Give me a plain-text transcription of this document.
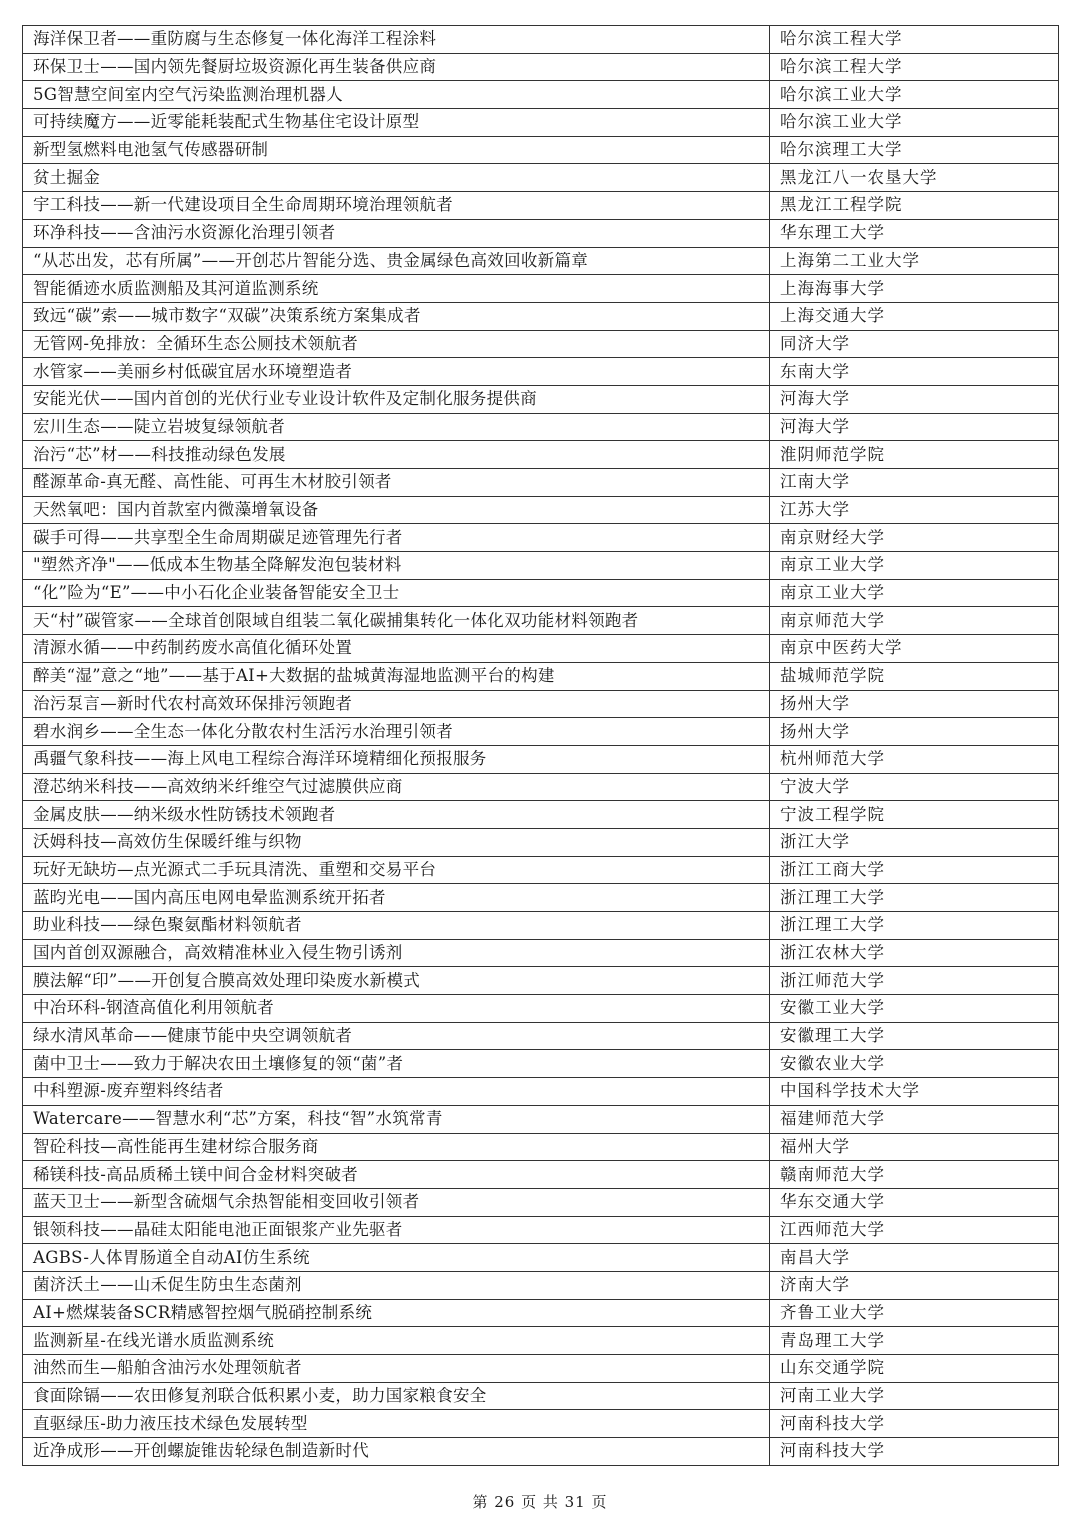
海洋保卫者——重防腐与生态修复一体化海洋工程涂料	哈尔滨工程大学
环保卫士——国内领先餐厨垃圾资源化再生装备供应商	哈尔滨工程大学
5G智慧空间室内空气污染监测治理机器人	哈尔滨工业大学
可持续魔方——近零能耗装配式生物基住宅设计原型	哈尔滨工业大学
新型氢燃料电池氢气传感器研制	哈尔滨理工大学
贫土掘金	黑龙江八一农垦大学
宇工科技——新一代建设项目全生命周期环境治理领航者	黑龙江工程学院
环净科技——含油污水资源化治理引领者	华东理工大学
“从芯出发，芯有所属”——开创芯片智能分选、贵金属绿色高效回收新篇章	上海第二工业大学
智能循迹水质监测船及其河道监测系统	上海海事大学
致远“碳”索——城市数字“双碳”决策系统方案集成者	上海交通大学
无管网-免排放：全循环生态公厕技术领航者	同济大学
水管家——美丽乡村低碳宜居水环境塑造者	东南大学
安能光伏——国内首创的光伏行业专业设计软件及定制化服务提供商	河海大学
宏川生态——陡立岩坡复绿领航者	河海大学
治污“芯”材——科技推动绿色发展	淮阴师范学院
醛源革命-真无醛、高性能、可再生木材胶引领者	江南大学
天然氧吧：国内首款室内微藻增氧设备	江苏大学
碳手可得——共享型全生命周期碳足迹管理先行者	南京财经大学
"塑然齐净"——低成本生物基全降解发泡包装材料	南京工业大学
“化”险为“E”——中小石化企业装备智能安全卫士	南京工业大学
天“村”碳管家——全球首创限域自组装二氧化碳捕集转化一体化双功能材料领跑者	南京师范大学
清源水循——中药制药废水高值化循环处置	南京中医药大学
醉美“湿”意之“地”——基于AI+大数据的盐城黄海湿地监测平台的构建	盐城师范学院
治污泵言—新时代农村高效环保排污领跑者	扬州大学
碧水润乡——全生态一体化分散农村生活污水治理引领者	扬州大学
禹疆气象科技——海上风电工程综合海洋环境精细化预报服务	杭州师范大学
澄芯纳米科技——高效纳米纤维空气过滤膜供应商	宁波大学
金属皮肤——纳米级水性防锈技术领跑者	宁波工程学院
沃姆科技—高效仿生保暖纤维与织物	浙江大学
玩好无缺坊—点光源式二手玩具清洗、重塑和交易平台	浙江工商大学
蓝昀光电——国内高压电网电晕监测系统开拓者	浙江理工大学
助业科技——绿色聚氨酯材料领航者	浙江理工大学
国内首创双源融合，高效精准林业入侵生物引诱剂	浙江农林大学
膜法解“印”——开创复合膜高效处理印染废水新模式	浙江师范大学
中冶环科-钢渣高值化利用领航者	安徽工业大学
绿水清风革命——健康节能中央空调领航者	安徽理工大学
菌中卫士——致力于解决农田土壤修复的领“菌”者	安徽农业大学
中科塑源-废弃塑料终结者	中国科学技术大学
Watercare——智慧水利“芯”方案，科技“智”水筑常青	福建师范大学
智砼科技—高性能再生建材综合服务商	福州大学
稀镁科技-高品质稀土镁中间合金材料突破者	赣南师范大学
蓝天卫士——新型含硫烟气余热智能相变回收引领者	华东交通大学
银领科技——晶硅太阳能电池正面银浆产业先驱者	江西师范大学
AGBS-人体胃肠道全自动AI仿生系统	南昌大学
菌济沃土——山禾促生防虫生态菌剂	济南大学
AI+燃煤装备SCR精感智控烟气脱硝控制系统	齐鲁工业大学
监测新星-在线光谱水质监测系统	青岛理工大学
油然而生—船舶含油污水处理领航者	山东交通学院
食面除镉——农田修复剂联合低积累小麦，助力国家粮食安全	河南工业大学
直驱绿压-助力液压技术绿色发展转型	河南科技大学
近净成形——开创螺旋锥齿轮绿色制造新时代	河南科技大学
第 26 页 共 31 页
